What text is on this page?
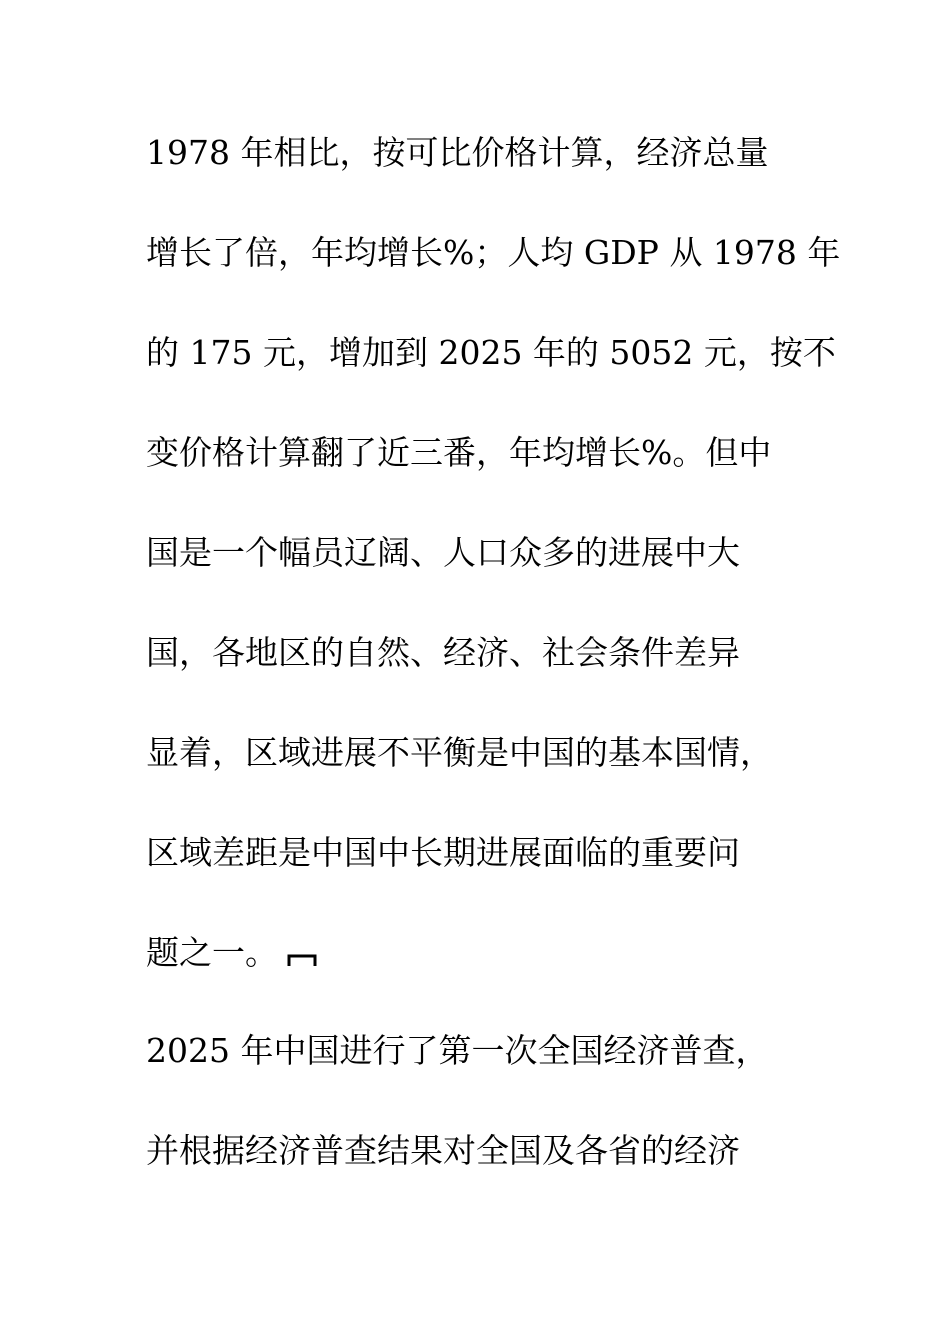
1978 年相比，按可比价格计算，经济总量
增长了倍，年均增长%；人均 GDP 从 1978 年
的 175 元，增加到 2025 年的 5052 元，按不
变价格计算翻了近三番，年均增长%。但中
国是一个幅员辽阔、人口众多的进展中大
国，各地区的自然、经济、社会条件差异
显着，区域进展不平衡是中国的基本国情，
区域差距是中国中长期进展面临的重要问
题之一。
2025 年中国进行了第一次全国经济普查，
并根据经济普查结果对全国及各省的经济
